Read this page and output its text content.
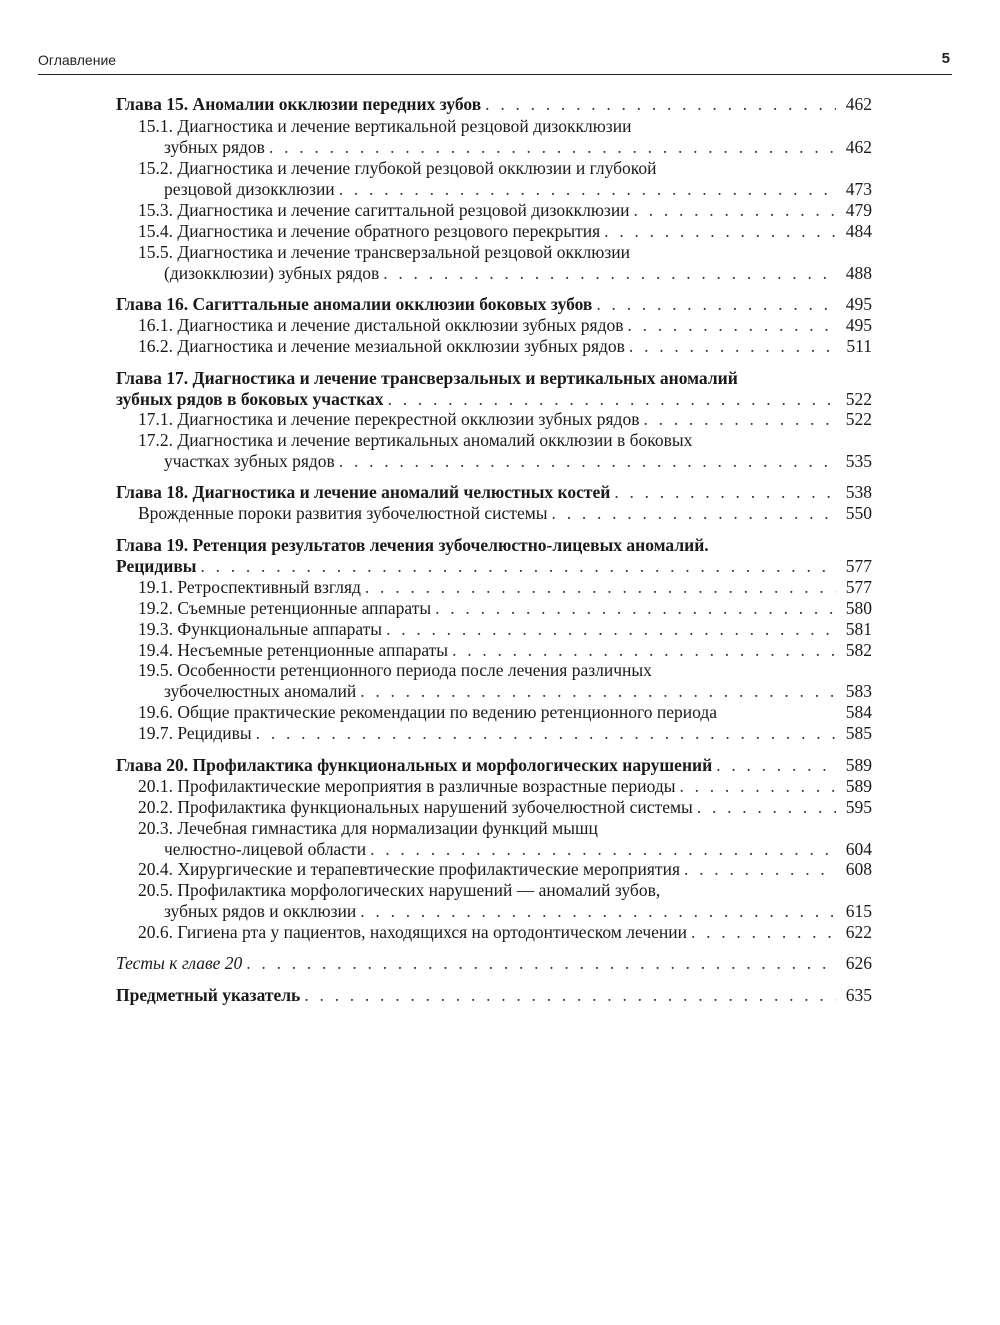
Оглавление	5
Глава 15. Аномалии окклюзии передних зубов . . .	462
15.1. Диагностика и лечение вертикальной резцовой дизокклюзии
зубных рядов . . .	462
15.2. Диагностика и лечение глубокой резцовой окклюзии и глубокой
резцовой дизокклюзии . . .	473
15.3. Диагностика и лечение сагиттальной резцовой дизокклюзии . . .	479
15.4. Диагностика и лечение обратного резцового перекрытия . . .	484
15.5. Диагностика и лечение трансверзальной резцовой окклюзии
(дизокклюзии) зубных рядов . . .	488
Глава 16. Сагиттальные аномалии окклюзии боковых зубов . . .	495
16.1. Диагностика и лечение дистальной окклюзии зубных рядов . . .	495
16.2. Диагностика и лечение мезиальной окклюзии зубных рядов . . .	511
Глава 17. Диагностика и лечение трансверзальных и вертикальных аномалий
зубных рядов в боковых участках . . .	522
17.1. Диагностика и лечение перекрестной окклюзии зубных рядов . . .	522
17.2. Диагностика и лечение вертикальных аномалий окклюзии в боковых
участках зубных рядов . . .	535
Глава 18. Диагностика и лечение аномалий челюстных костей . . .	538
Врожденные пороки развития зубочелюстной системы . . .	550
Глава 19. Ретенция результатов лечения зубочелюстно-лицевых аномалий.
Рецидивы . . .	577
19.1. Ретроспективный взгляд . . .	577
19.2. Съемные ретенционные аппараты . . .	580
19.3. Функциональные аппараты . . .	581
19.4. Несъемные ретенционные аппараты . . .	582
19.5. Особенности ретенционного периода после лечения различных
зубочелюстных аномалий . . .	583
19.6. Общие практические рекомендации по ведению ретенционного периода	584
19.7. Рецидивы . . .	585
Глава 20. Профилактика функциональных и морфологических нарушений . . .	589
20.1. Профилактические мероприятия в различные возрастные периоды . . .	589
20.2. Профилактика функциональных нарушений зубочелюстной системы . . .	595
20.3. Лечебная гимнастика для нормализации функций мышц
челюстно-лицевой области . . .	604
20.4. Хирургические и терапевтические профилактические мероприятия . . .	608
20.5. Профилактика морфологических нарушений — аномалий зубов,
зубных рядов и окклюзии . . .	615
20.6. Гигиена рта у пациентов, находящихся на ортодонтическом лечении . . .	622
Тесты к главе 20 . . .	626
Предметный указатель . . .	635
